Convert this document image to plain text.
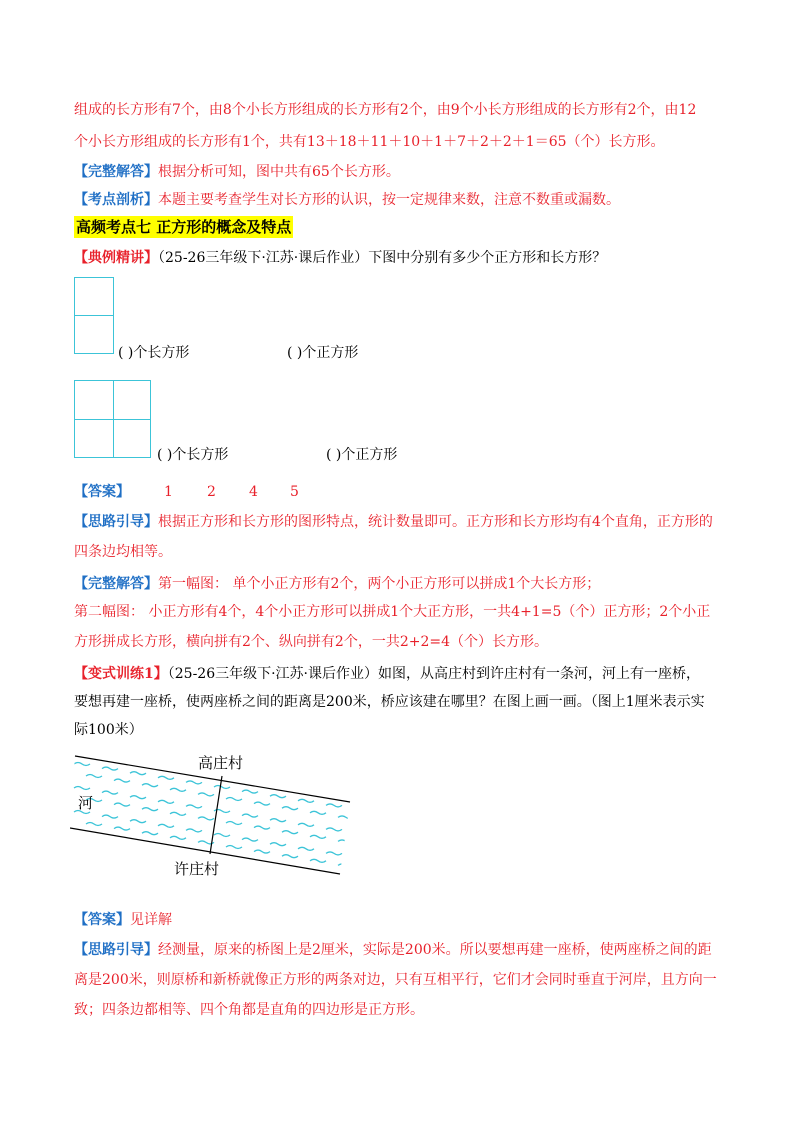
组成的长方形有7个，由8个小长方形组成的长方形有2个，由9个小长方形组成的长方形有2个，由12
个小长方形组成的长方形有1个，共有13＋18＋11＋10＋1＋7＋2＋2＋1＝65（个）长方形。
【完整解答】根据分析可知，图中共有65个长方形。
【考点剖析】本题主要考查学生对长方形的认识，按一定规律来数，注意不数重或漏数。
高频考点七 正方形的概念及特点
【典例精讲】（25-26三年级下·江苏·课后作业）下图中分别有多少个正方形和长方形？
( )个长方形	( )个正方形
( )个长方形	( )个正方形
【答案】 1 2 4 5
【思路引导】根据正方形和长方形的图形特点，统计数量即可。正方形和长方形均有4个直角，正方形的
四条边均相等。
【完整解答】第一幅图： 单个小正方形有2个，两个小正方形可以拼成1个大长方形；
第二幅图： 小正方形有4个，4个小正方形可以拼成1个大正方形，一共4+1=5（个）正方形；2个小正
方形拼成长方形，横向拼有2个、纵向拼有2个，一共2+2=4（个）长方形。
【变式训练1】（25-26三年级下·江苏·课后作业）如图，从高庄村到许庄村有一条河，河上有一座桥，
要想再建一座桥，使两座桥之间的距离是200米，桥应该建在哪里？在图上画一画。（图上1厘米表示实
际100米）
高庄村
河
许庄村
【答案】见详解
【思路引导】经测量，原来的桥图上是2厘米，实际是200米。所以要想再建一座桥，使两座桥之间的距
离是200米，则原桥和新桥就像正方形的两条对边，只有互相平行，它们才会同时垂直于河岸，且方向一
致；四条边都相等、四个角都是直角的四边形是正方形。
